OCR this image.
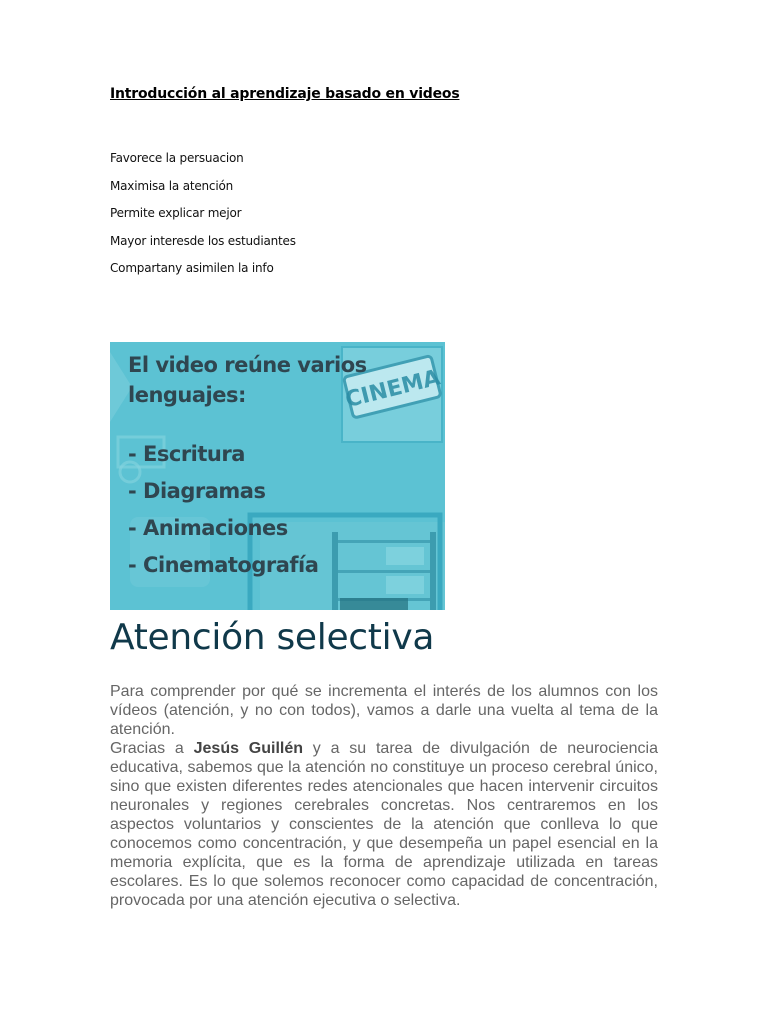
Introducción al aprendizaje basado en videos
Favorece la persuacion
Maximisa la atención
Permite explicar mejor
Mayor interesde los estudiantes
Compartany asimilen la info
CINEMA

El video reúne varios lenguajes:

- Escritura
- Diagramas
- Animaciones
- Cinematografía
Atención selectiva

Para comprender por qué se incrementa el interés de los alumnos con los vídeos (atención, y no con todos), vamos a darle una vuelta al tema de la atención.

Gracias a Jesús Guillén y a su tarea de divulgación de neurociencia educativa, sabemos que la atención no constituye un proceso cerebral único, sino que existen diferentes redes atencionales que hacen intervenir circuitos neuronales y regiones cerebrales concretas. Nos centraremos en los aspectos voluntarios y conscientes de la atención que conlleva lo que conocemos como concentración, y que desempeña un papel esencial en la memoria explícita, que es la forma de aprendizaje utilizada en tareas escolares. Es lo que solemos reconocer como capacidad de concentración, provocada por una atención ejecutiva o selectiva.
